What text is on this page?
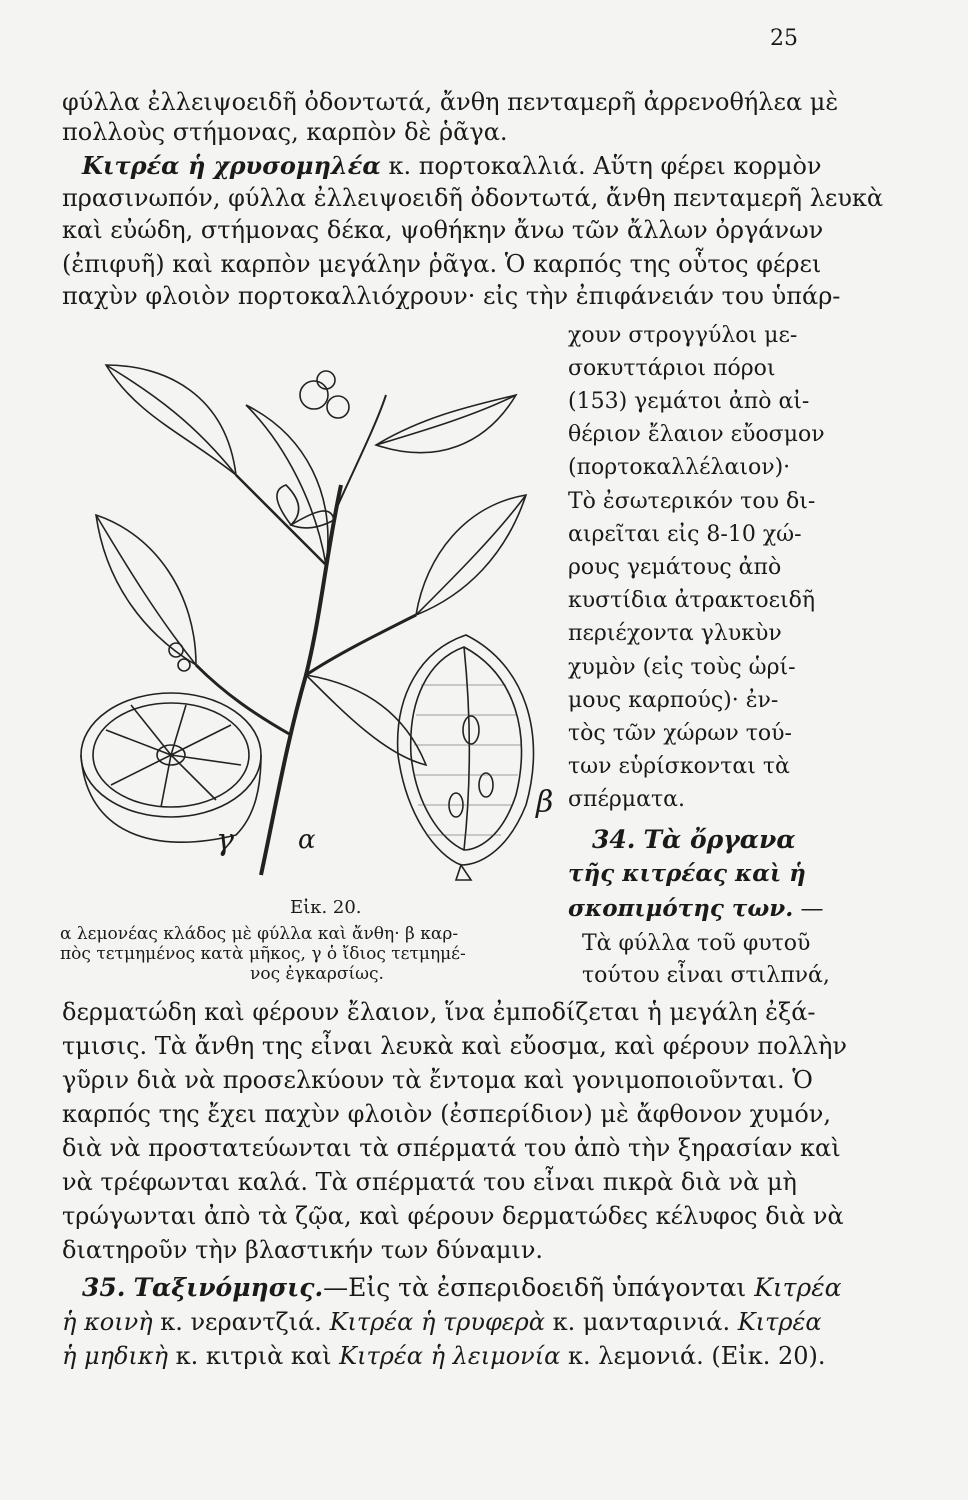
25
φύλλα ἐλλειψοειδῆ ὀδοντωτά, ἄνθη πενταμερῆ ἀρρενοθήλεα μὲ
πολλοὺς στήμονας, καρπὸν δὲ ῥᾶγα.
Κιτρέα ἡ χρυσομηλέα κ. πορτοκαλλιά. Αὕτη φέρει κορμὸν
πρασινωπόν, φύλλα ἐλλειψοειδῆ ὀδοντωτά, ἄνθη πενταμερῆ λευκὰ
καὶ εὐώδη, στήμονας δέκα, ψοθήκην ἄνω τῶν ἄλλων ὀργάνων
(ἐπιφυῆ) καὶ καρπὸν μεγάλην ῥᾶγα. Ὁ καρπός της οὗτος φέρει
παχὺν φλοιὸν πορτοκαλλιόχρουν· εἰς τὴν ἐπιφάνειάν του ὑπάρ-
χουν στρογγύλοι με-
σοκυττάριοι πόροι
(153) γεμάτοι ἀπὸ αἰ-
θέριον ἔλαιον εὔοσμον
(πορτοκαλλέλαιον)·
Τὸ ἐσωτερικόν του δι-
αιρεῖται εἰς 8-10 χώ-
ρους γεμάτους ἀπὸ
κυστίδια ἀτρακτοειδῆ
περιέχοντα γλυκὺν
χυμὸν (εἰς τοὺς ὡρί-
μους καρπούς)· ἐν-
τὸς τῶν χώρων τού-
των εὑρίσκονται τὰ
σπέρματα.
34. Τὰ ὄργανα
τῆς κιτρέας καὶ ἡ
σκοπιμότης των. —
Τὰ φύλλα τοῦ φυτοῦ
τούτου εἶναι στιλπνά,
γ α
β
Εἰκ. 20.
α λεμονέας κλάδος μὲ φύλλα καὶ ἄνθη· β καρ-
πὸς τετμημένος κατὰ μῆκος, γ ὁ ἴδιος τετμημέ-
νος ἐγκαρσίως.
δερματώδη καὶ φέρουν ἔλαιον, ἵνα ἐμποδίζεται ἡ μεγάλη ἐξά-
τμισις. Τὰ ἄνθη της εἶναι λευκὰ καὶ εὔοσμα, καὶ φέρουν πολλὴν
γῦριν διὰ νὰ προσελκύουν τὰ ἔντομα καὶ γονιμοποιοῦνται. Ὁ
καρπός της ἔχει παχὺν φλοιὸν (ἐσπερίδιον) μὲ ἄφθονον χυμόν,
διὰ νὰ προστατεύωνται τὰ σπέρματά του ἀπὸ τὴν ξηρασίαν καὶ
νὰ τρέφωνται καλά. Τὰ σπέρματά του εἶναι πικρὰ διὰ νὰ μὴ
τρώγωνται ἀπὸ τὰ ζῷα, καὶ φέρουν δερματώδες κέλυφος διὰ νὰ
διατηροῦν τὴν βλαστικήν των δύναμιν.
35. Ταξινόμησις.—Εἰς τὰ ἐσπεριδοειδῆ ὑπάγονται Κιτρέα
ἡ κοινὴ κ. νεραντζιά. Κιτρέα ἡ τρυφερὰ κ. μανταρινιά. Κιτρέα
ἡ μηδικὴ κ. κιτριὰ καὶ Κιτρέα ἡ λειμονία κ. λεμονιά. (Εἰκ. 20).
